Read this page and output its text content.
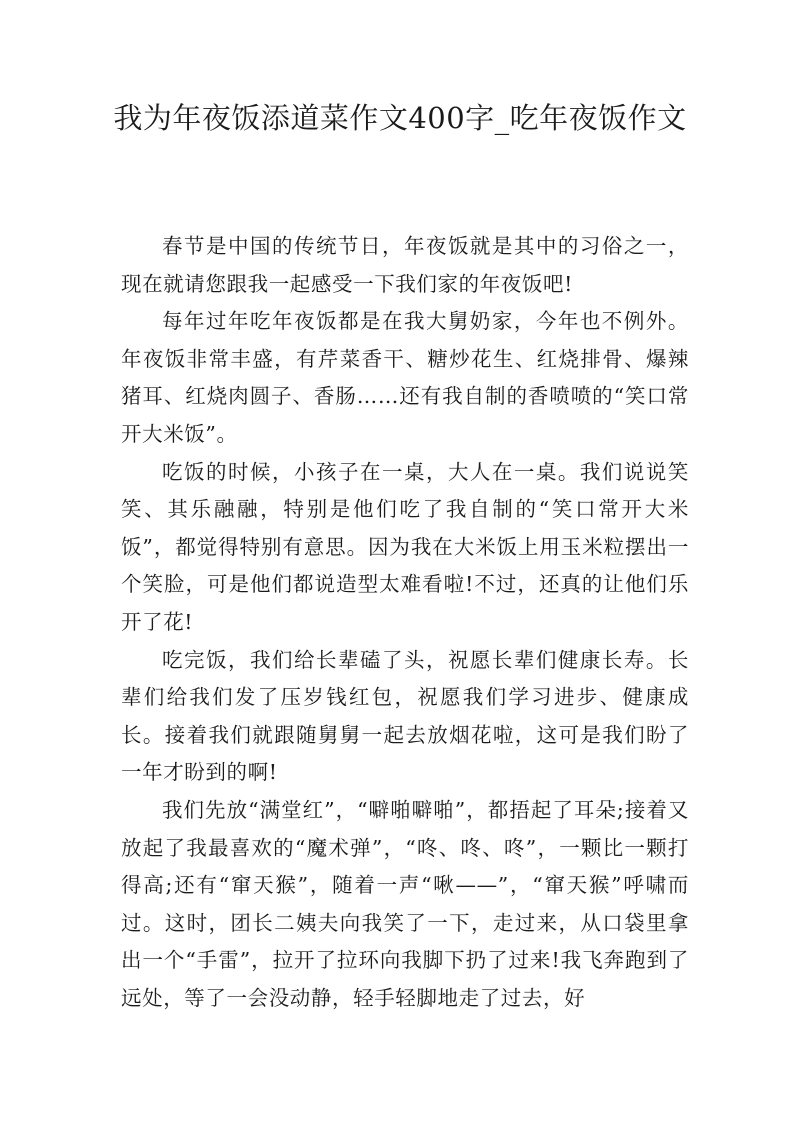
我为年夜饭添道菜作文400字_吃年夜饭作文

春节是中国的传统节日，年夜饭就是其中的习俗之一，现在就请您跟我一起感受一下我们家的年夜饭吧!

每年过年吃年夜饭都是在我大舅奶家，今年也不例外。年夜饭非常丰盛，有芹菜香干、糖炒花生、红烧排骨、爆辣猪耳、红烧肉圆子、香肠……还有我自制的香喷喷的“笑口常开大米饭”。

吃饭的时候，小孩子在一桌，大人在一桌。我们说说笑笑、其乐融融，特别是他们吃了我自制的“笑口常开大米饭”，都觉得特别有意思。因为我在大米饭上用玉米粒摆出一个笑脸，可是他们都说造型太难看啦!不过，还真的让他们乐开了花!

吃完饭，我们给长辈磕了头，祝愿长辈们健康长寿。长辈们给我们发了压岁钱红包，祝愿我们学习进步、健康成长。接着我们就跟随舅舅一起去放烟花啦，这可是我们盼了一年才盼到的啊!

我们先放“满堂红”，“噼啪噼啪”，都捂起了耳朵;接着又放起了我最喜欢的“魔术弹”，“咚、咚、咚”，一颗比一颗打得高;还有“窜天猴”，随着一声“啾——”，“窜天猴”呼啸而过。这时，团长二姨夫向我笑了一下，走过来，从口袋里拿出一个“手雷”，拉开了拉环向我脚下扔了过来!我飞奔跑到了远处，等了一会没动静，轻手轻脚地走了过去，好
